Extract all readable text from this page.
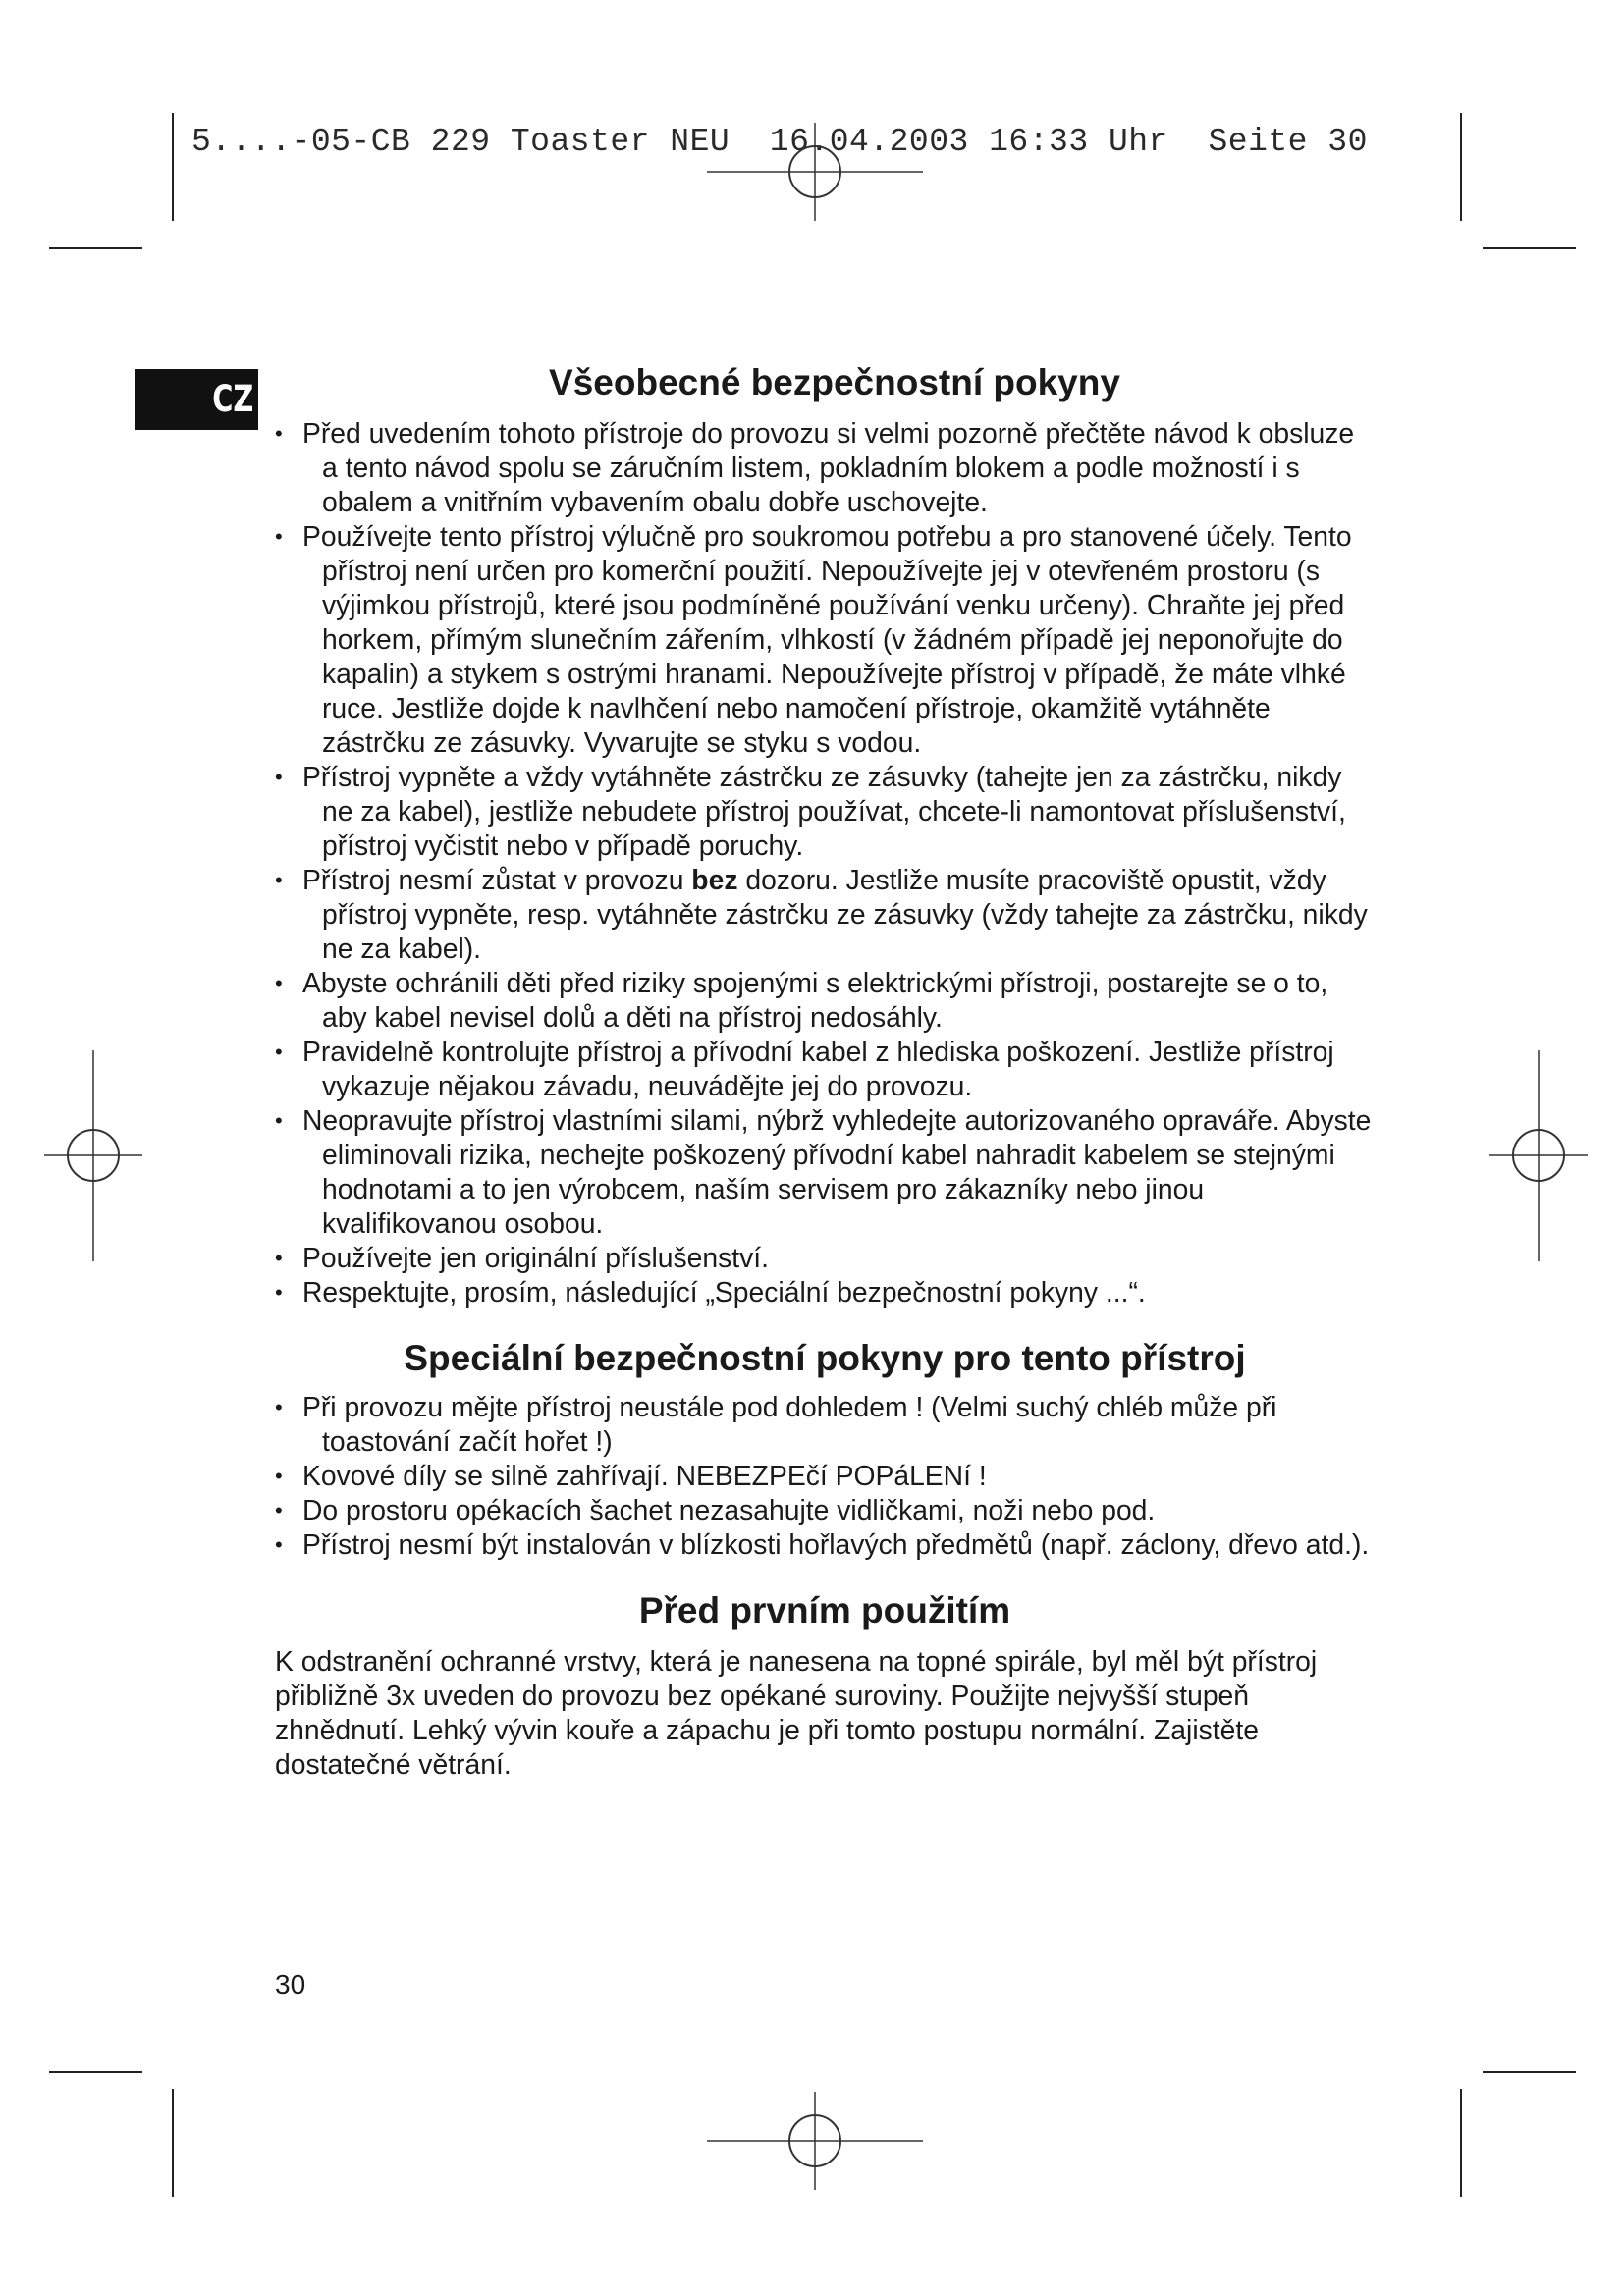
5....-05-CB 229 Toaster NEU  16.04.2003 16:33 Uhr  Seite 30
CZ	Všeobecné bezpečnostní pokyny
• Před uvedením tohoto přístroje do provozu si velmi pozorně přečtěte návod k obsluze a tento návod spolu se záručním listem, pokladním blokem a podle možností i s obalem a vnitřním vybavením obalu dobře uschovejte.
• Používejte tento přístroj výlučně pro soukromou potřebu a pro stanovené účely. Tento přístroj není určen pro komerční použití. Nepoužívejte jej v otevřeném prostoru (s výjimkou přístrojů, které jsou podmíněné používání venku určeny). Chraňte jej před horkem, přímým slunečním zářením, vlhkostí (v žádném případě jej neponořujte do kapalin) a stykem s ostrými hranami. Nepoužívejte přístroj v případě, že máte vlhké ruce. Jestliže dojde k navlhčení nebo namočení přístroje, okamžitě vytáhněte zástrčku ze zásuvky. Vyvarujte se styku s vodou.
• Přístroj vypněte a vždy vytáhněte zástrčku ze zásuvky (tahejte jen za zástrčku, nikdy ne za kabel), jestliže nebudete přístroj používat, chcete-li namontovat příslušenství, přístroj vyčistit nebo v případě poruchy.
• Přístroj nesmí zůstat v provozu bez dozoru. Jestliže musíte pracoviště opustit, vždy přístroj vypněte, resp. vytáhněte zástrčku ze zásuvky (vždy tahejte za zástrčku, nikdy ne za kabel).
• Abyste ochránili děti před riziky spojenými s elektrickými přístroji, postarejte se o to, aby kabel nevisel dolů a děti na přístroj nedosáhly.
• Pravidelně kontrolujte přístroj a přívodní kabel z hlediska poškození. Jestliže přístroj vykazuje nějakou závadu, neuvádějte jej do provozu.
• Neopravujte přístroj vlastními silami, nýbrž vyhledejte autorizovaného opraváře. Abyste eliminovali rizika, nechejte poškozený přívodní kabel nahradit kabelem se stejnými hodnotami a to jen výrobcem, naším servisem pro zákazníky nebo jinou kvalifikovanou osobou.
• Používejte jen originální příslušenství.
• Respektujte, prosím, následující „Speciální bezpečnostní pokyny ...“.
Speciální bezpečnostní pokyny pro tento přístroj
• Při provozu mějte přístroj neustále pod dohledem ! (Velmi suchý chléb může při toastování začít hořet !)
• Kovové díly se silně zahřívají. NEBEZPEčí POPáLENí !
• Do prostoru opékacích šachet nezasahujte vidličkami, noži nebo pod.
• Přístroj nesmí být instalován v blízkosti hořlavých předmětů (např. záclony, dřevo atd.).
Před prvním použitím

K odstranění ochranné vrstvy, která je nanesena na topné spirále, byl měl být přístroj přibližně 3x uveden do provozu bez opékané suroviny. Použijte nejvyšší stupeň zhnědnutí. Lehký vývin kouře a zápachu je při tomto postupu normální. Zajistěte dostatečné větrání.

30
